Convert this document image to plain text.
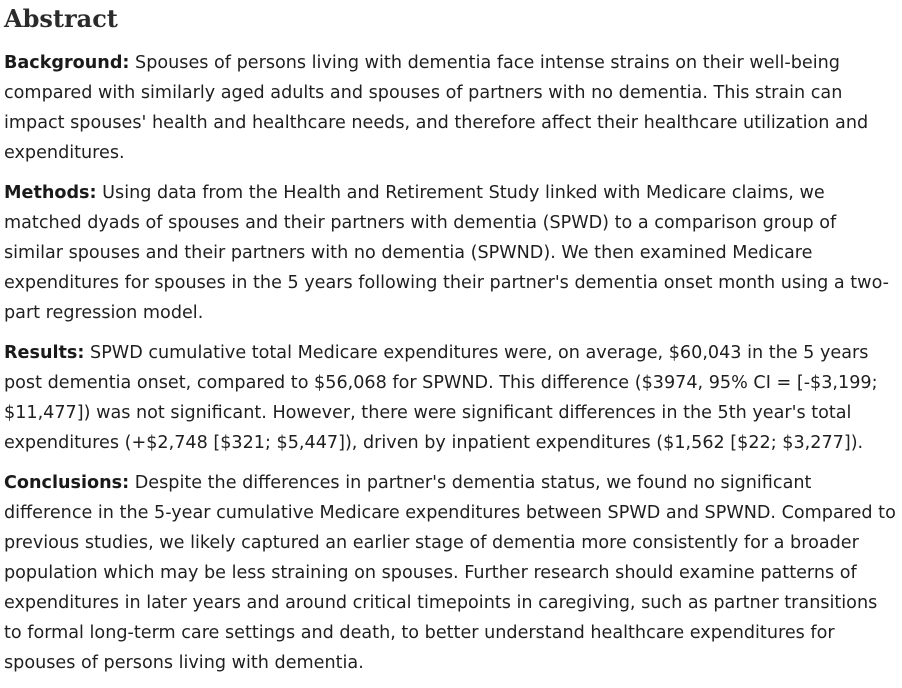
Abstract

Background: Spouses of persons living with dementia face intense strains on their well-being compared with similarly aged adults and spouses of partners with no dementia. This strain can impact spouses' health and healthcare needs, and therefore affect their healthcare utilization and expenditures.

Methods: Using data from the Health and Retirement Study linked with Medicare claims, we matched dyads of spouses and their partners with dementia (SPWD) to a comparison group of similar spouses and their partners with no dementia (SPWND). We then examined Medicare expenditures for spouses in the 5 years following their partner's dementia onset month using a two-part regression model.

Results: SPWD cumulative total Medicare expenditures were, on average, $60,043 in the 5 years post dementia onset, compared to $56,068 for SPWND. This difference ($3974, 95% CI = [-$3,199; $11,477]) was not significant. However, there were significant differences in the 5th year's total expenditures (+$2,748 [$321; $5,447]), driven by inpatient expenditures ($1,562 [$22; $3,277]).

Conclusions: Despite the differences in partner's dementia status, we found no significant difference in the 5-year cumulative Medicare expenditures between SPWD and SPWND. Compared to previous studies, we likely captured an earlier stage of dementia more consistently for a broader population which may be less straining on spouses. Further research should examine patterns of expenditures in later years and around critical timepoints in caregiving, such as partner transitions to formal long-term care settings and death, to better understand healthcare expenditures for spouses of persons living with dementia.
